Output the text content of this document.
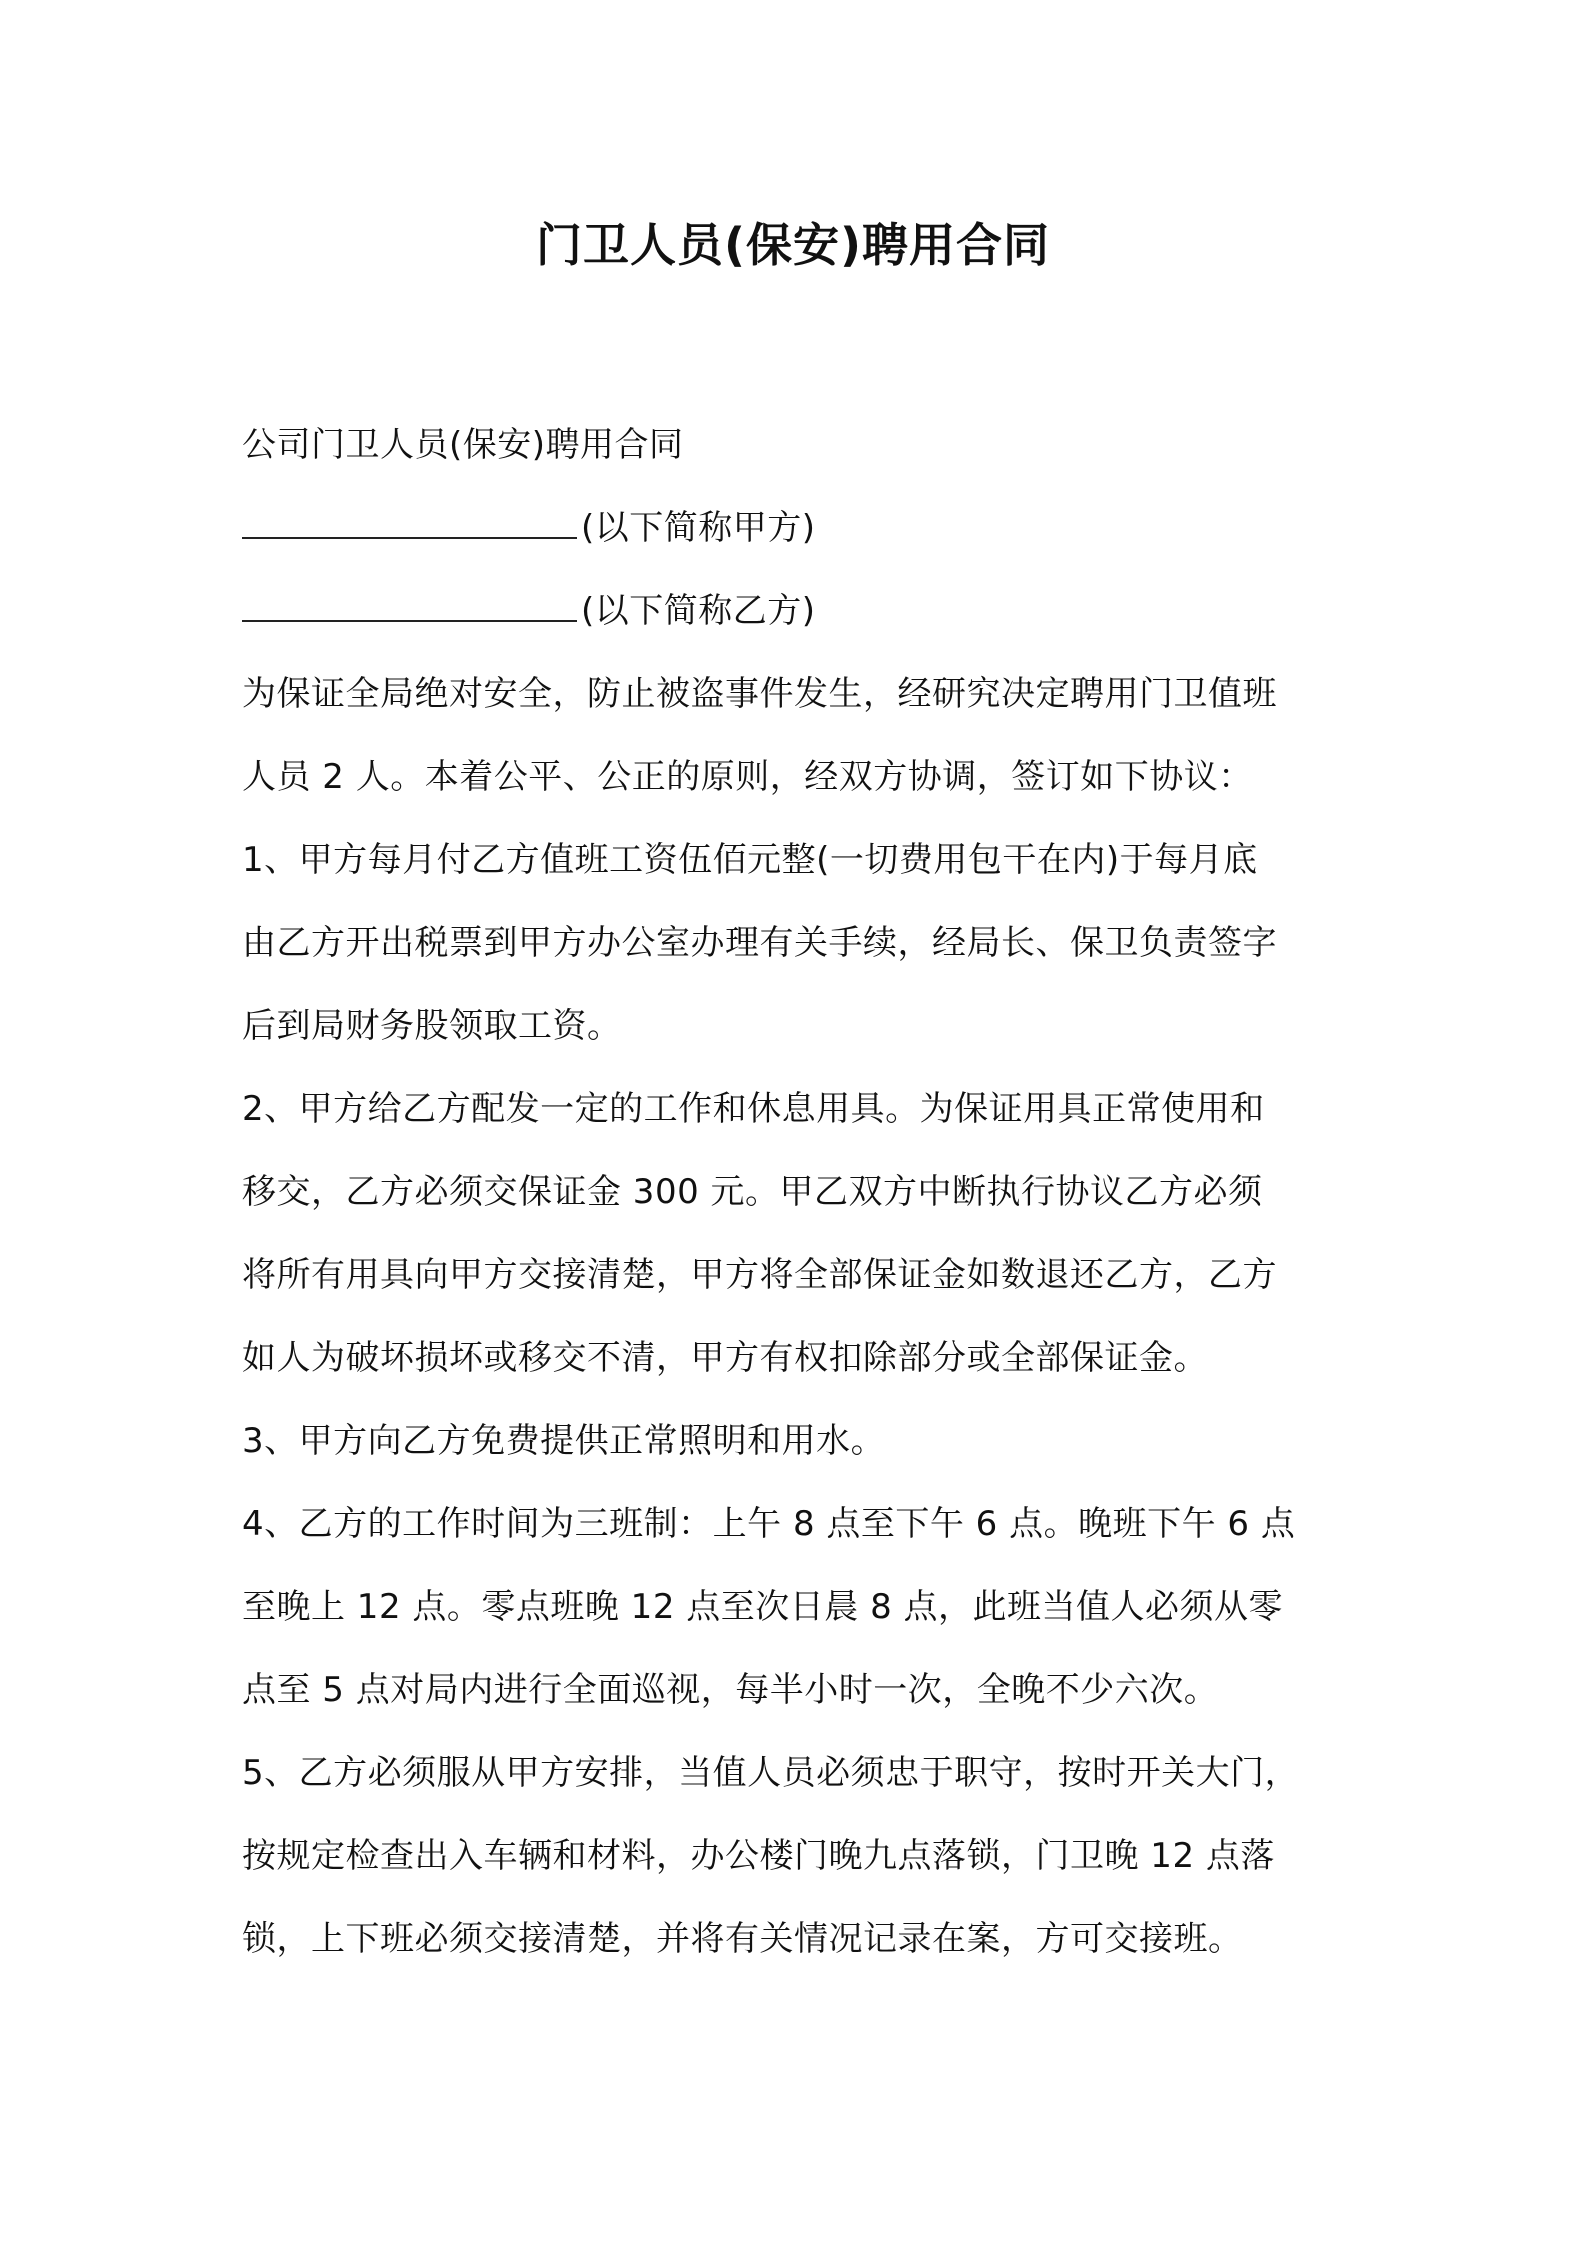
门卫人员(保安)聘用合同
公司门卫人员(保安)聘用合同
(以下简称甲方)
(以下简称乙方)
为保证全局绝对安全，防止被盗事件发生，经研究决定聘用门卫值班
人员 2 人。本着公平、公正的原则，经双方协调，签订如下协议：
1、甲方每月付乙方值班工资伍佰元整(一切费用包干在内)于每月底
由乙方开出税票到甲方办公室办理有关手续，经局长、保卫负责签字
后到局财务股领取工资。
2、甲方给乙方配发一定的工作和休息用具。为保证用具正常使用和
移交，乙方必须交保证金 300 元。甲乙双方中断执行协议乙方必须
将所有用具向甲方交接清楚，甲方将全部保证金如数退还乙方，乙方
如人为破坏损坏或移交不清，甲方有权扣除部分或全部保证金。
3、甲方向乙方免费提供正常照明和用水。
4、乙方的工作时间为三班制：上午 8 点至下午 6 点。晚班下午 6 点
至晚上 12 点。零点班晚 12 点至次日晨 8 点，此班当值人必须从零
点至 5 点对局内进行全面巡视，每半小时一次，全晚不少六次。
5、乙方必须服从甲方安排，当值人员必须忠于职守，按时开关大门，
按规定检查出入车辆和材料，办公楼门晚九点落锁，门卫晚 12 点落
锁，上下班必须交接清楚，并将有关情况记录在案，方可交接班。
